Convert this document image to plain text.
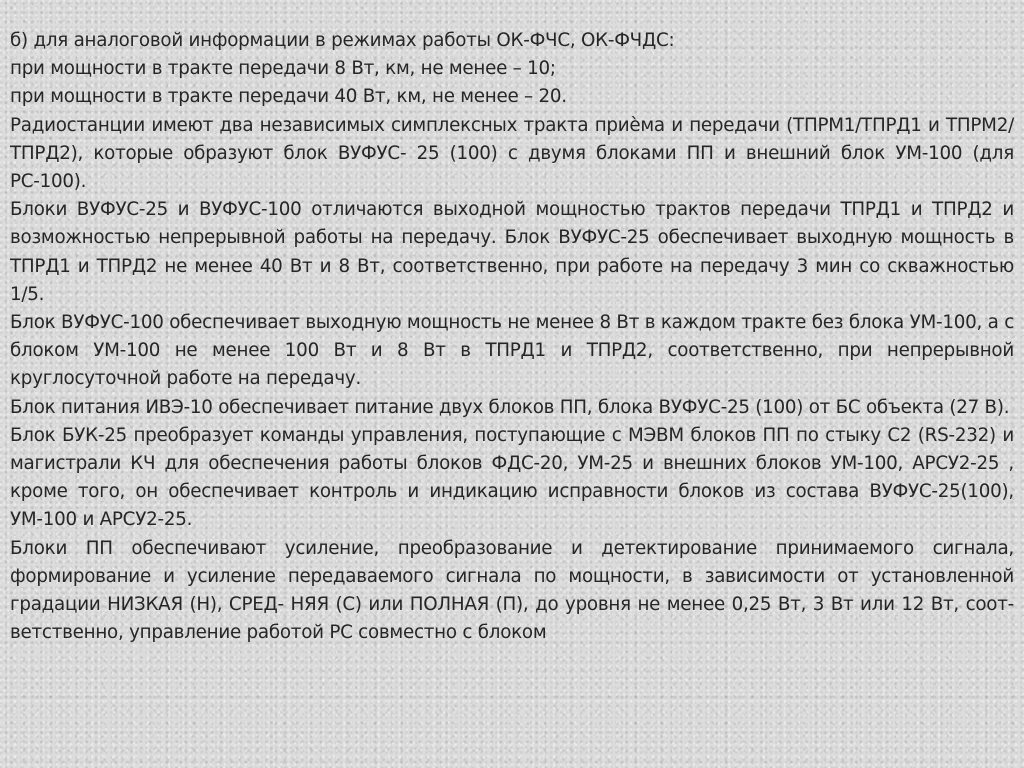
б) для аналоговой информации в режимах работы ОК-ФЧС, ОК-ФЧДС:

при мощности в тракте передачи 8 Вт, км, не менее – 10;

при мощности в тракте передачи 40 Вт, км, не менее – 20.

Радиостанции имеют два независимых симплексных тракта приѐма и передачи (ТПРМ1/ТПРД1 и ТПРМ2/ТПРД2), которые образуют блок ВУФУС- 25 (100) с двумя блоками ПП и внешний блок УМ-100 (для РС-100).

Блоки ВУФУС-25 и ВУФУС-100 отличаются выходной мощностью трактов передачи ТПРД1 и ТПРД2 и возможностью непрерывной работы на передачу. Блок ВУФУС-25 обеспечивает выходную мощность в ТПРД1 и ТПРД2 не менее 40 Вт и 8 Вт, соответственно, при работе на передачу 3 мин со скважностью 1/5.

Блок ВУФУС-100 обеспечивает выходную мощность не менее 8 Вт в каждом тракте без блока УМ-100, а с блоком УМ-100 не менее 100 Вт и 8 Вт в ТПРД1 и ТПРД2, соответственно, при непрерывной круглосуточной работе на передачу.

Блок питания ИВЭ-10 обеспечивает питание двух блоков ПП, блока ВУФУС-25 (100) от БС объекта (27 В).

Блок БУК-25 преобразует команды управления, поступающие с МЭВМ блоков ПП по стыку С2 (RS-232) и магистрали КЧ для обеспечения работы блоков ФДС-20, УМ-25 и внешних блоков УМ-100, АРСУ2-25 , кроме того, он обеспечивает контроль и индикацию исправности блоков из состава ВУФУС-25(100), УМ-100 и АРСУ2-25.

Блоки ПП обеспечивают усиление, преобразование и детектирование принимаемого сигнала, формирование и усиление передаваемого сигнала по мощности, в зависимости от установленной градации НИЗКАЯ (Н), СРЕД- НЯЯ (С) или ПОЛНАЯ (П), до уровня не менее 0,25 Вт, 3 Вт или 12 Вт, соот- ветственно, управление работой РС совместно с блоком
